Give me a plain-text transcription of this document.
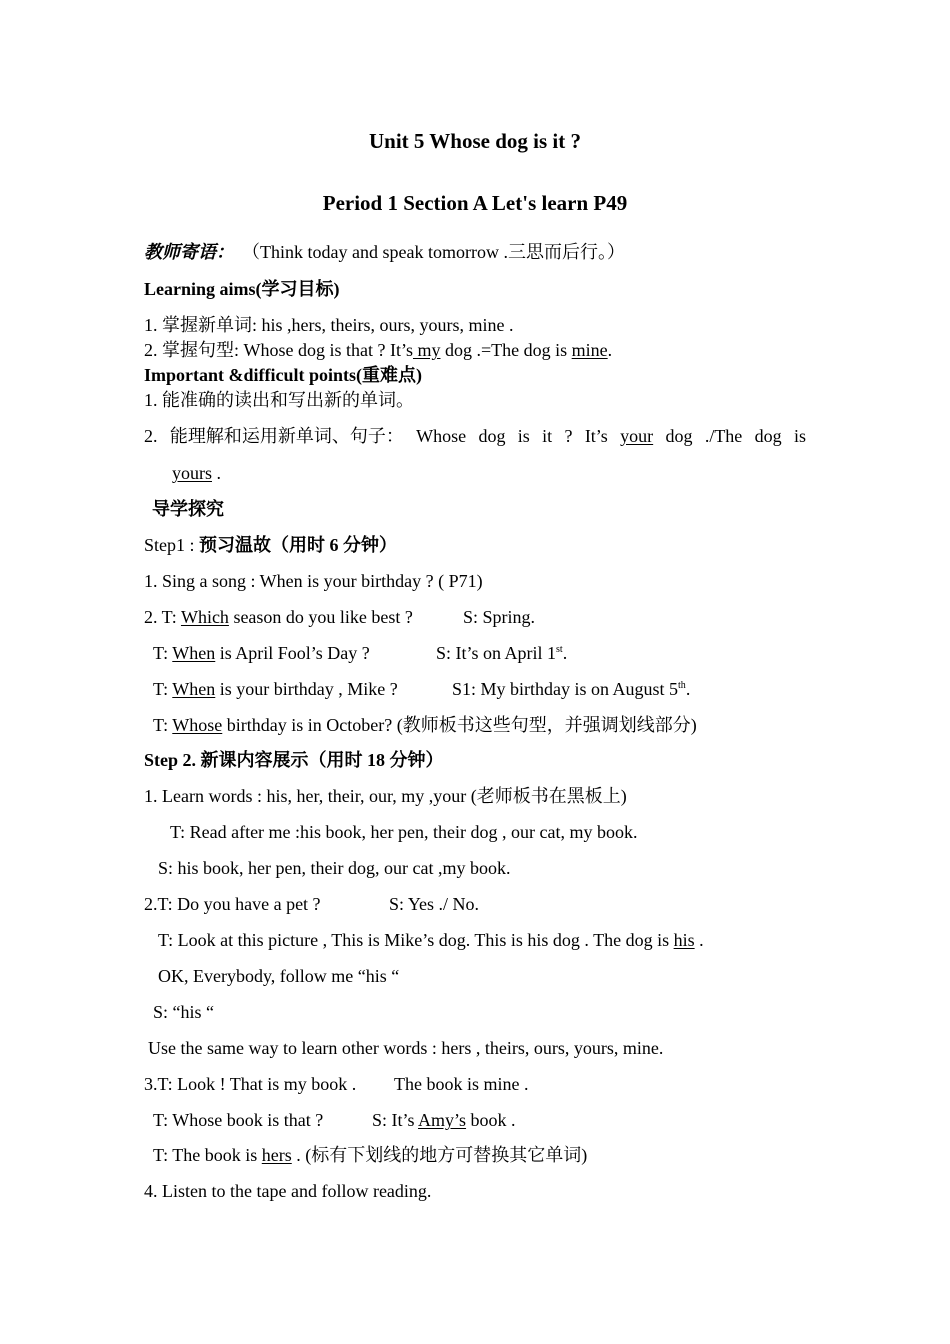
Unit 5 Whose dog is it ?
Period 1 Section A Let's learn P49
教师寄语： （Think today and speak tomorrow .三思而后行。）
Learning aims(学习目标)
1. 掌握新单词: his ,hers, theirs, ours, yours, mine .
2. 掌握句型: Whose dog is that ? It’s my dog .=The dog is mine.
Important &difficult points(重难点)
1. 能准确的读出和写出新的单词。
2. 能理解和运用新单词、句子： Whose dog is it ? It’s your dog ./The dog is
yours .
导学探究
Step1 : 预习温故（用时 6 分钟）
1. Sing a song : When is your birthday ? ( P71)
2. T: Which season do you like best ?	S: Spring.
T: When is April Fool’s Day ?	S: It’s on April 1st.
T: When is your birthday , Mike ?	S1: My birthday is on August 5th.
T: Whose birthday is in October? (教师板书这些句型，并强调划线部分)
Step 2. 新课内容展示（用时 18 分钟）
1. Learn words : his, her, their, our, my ,your (老师板书在黑板上)
T: Read after me :his book, her pen, their dog , our cat, my book.
S: his book, her pen, their dog, our cat ,my book.
2.T: Do you have a pet ?	S: Yes ./ No.
T: Look at this picture , This is Mike’s dog. This is his dog . The dog is his .
OK, Everybody, follow me “his “
S: “his “
Use the same way to learn other words : hers , theirs, ours, yours, mine.
3.T: Look ! That is my book . The book is mine .
T: Whose book is that ?	S: It’s Amy’s book .
T: The book is hers . (标有下划线的地方可替换其它单词)
4. Listen to the tape and follow reading.
